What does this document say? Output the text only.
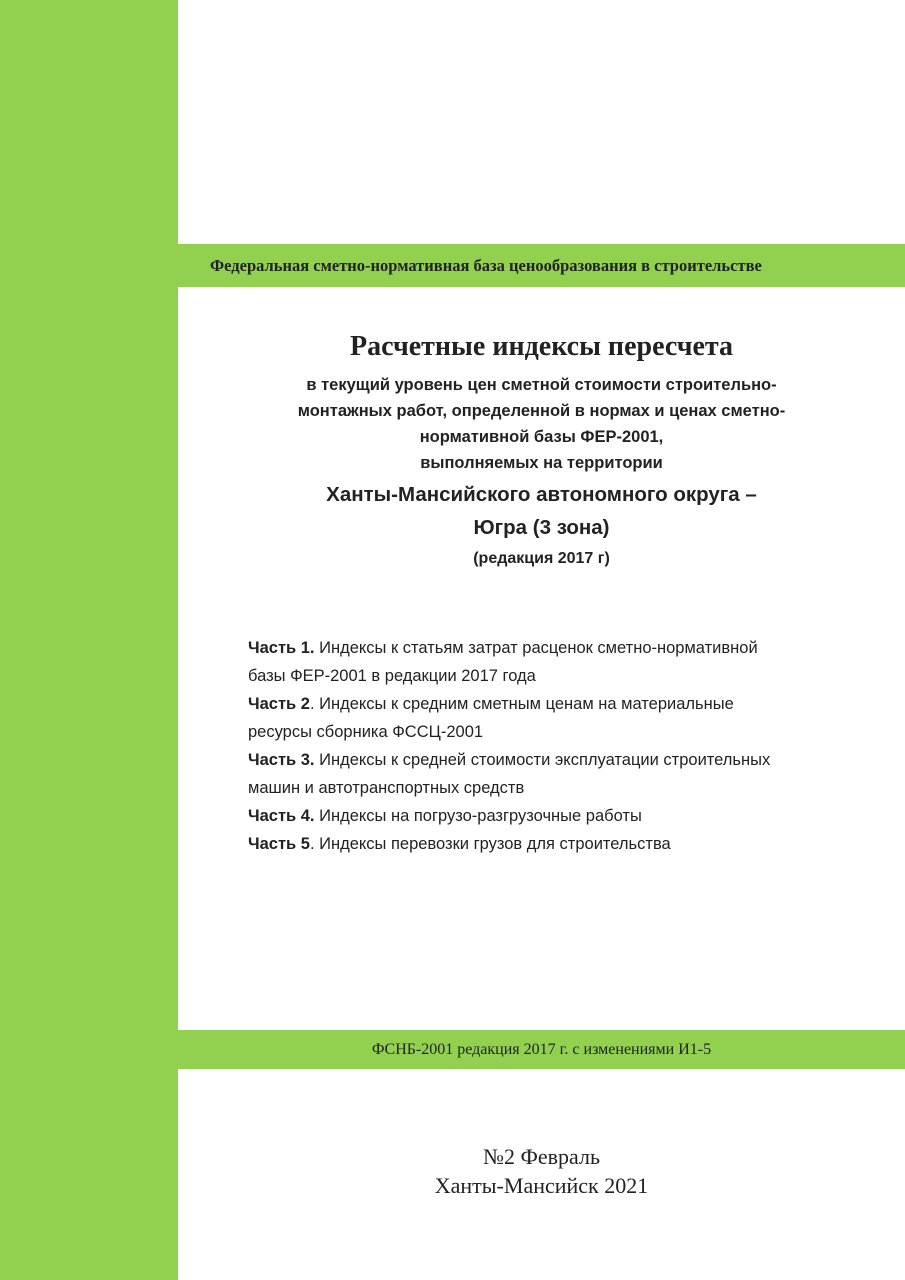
Федеральная сметно-нормативная база ценообразования в строительстве
Расчетные индексы пересчета

в текущий уровень цен сметной стоимости строительно-
монтажных работ, определенной в нормах и ценах сметно-
нормативной базы ФЕР-2001,
выполняемых на территории

Ханты-Мансийского автономного округа –
Югра (3 зона)

(редакция 2017 г)

Часть 1. Индексы к статьям затрат расценок сметно-нормативной
базы ФЕР-2001 в редакции 2017 года
Часть 2. Индексы к средним сметным ценам на материальные
ресурсы сборника ФССЦ-2001
Часть 3. Индексы к средней стоимости эксплуатации строительных
машин и автотранспортных средств
Часть 4. Индексы на погрузо-разгрузочные работы
Часть 5. Индексы перевозки грузов для строительства
ФСНБ-2001 редакция 2017 г. с изменениями И1-5
№2 Февраль
Ханты-Мансийск 2021
